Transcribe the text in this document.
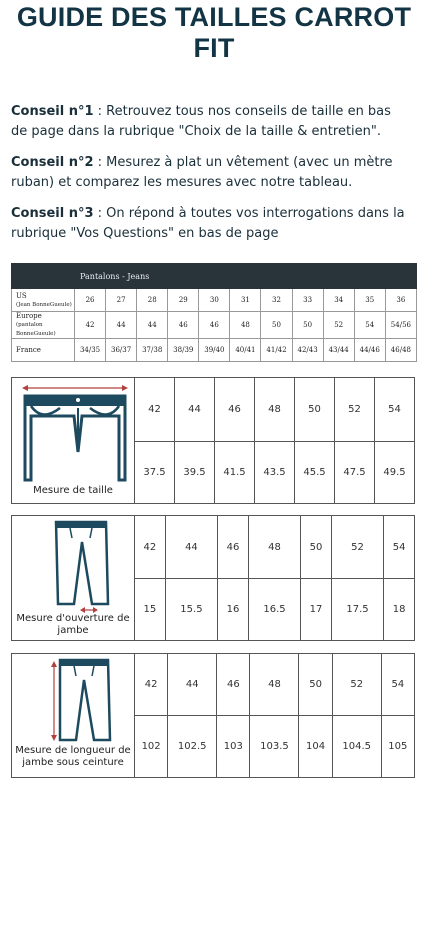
GUIDE DES TAILLES CARROT FIT
Conseil n°1 : Retrouvez tous nos conseils de taille en bas de page dans la rubrique "Choix de la taille & entretien".
Conseil n°2 : Mesurez à plat un vêtement (avec un mètre ruban) et comparez les mesures avec notre tableau.
Conseil n°3 : On répond à toutes vos interrogations dans la rubrique "Vos Questions" en bas de page
Pantalons - Jeans											
US
(Jean BonneGueule)	26	27	28	29	30	31	32	33	34	35	36
Europe
(pantalon BonneGueule)	42	44	44	46	46	48	50	50	52	54	54/56
France	34/35	36/37	37/38	38/39	39/40	40/41	41/42	42/43	43/44	44/46	46/48
Mesure de taille	42	44	46	48	50	52	54
	37.5	39.5	41.5	43.5	45.5	47.5	49.5
Mesure d'ouverture de jambe	42	44	46	48	50	52	54
	15	15.5	16	16.5	17	17.5	18
Mesure de longueur de jambe sous ceinture	42	44	46	48	50	52	54
	102	102.5	103	103.5	104	104.5	105
